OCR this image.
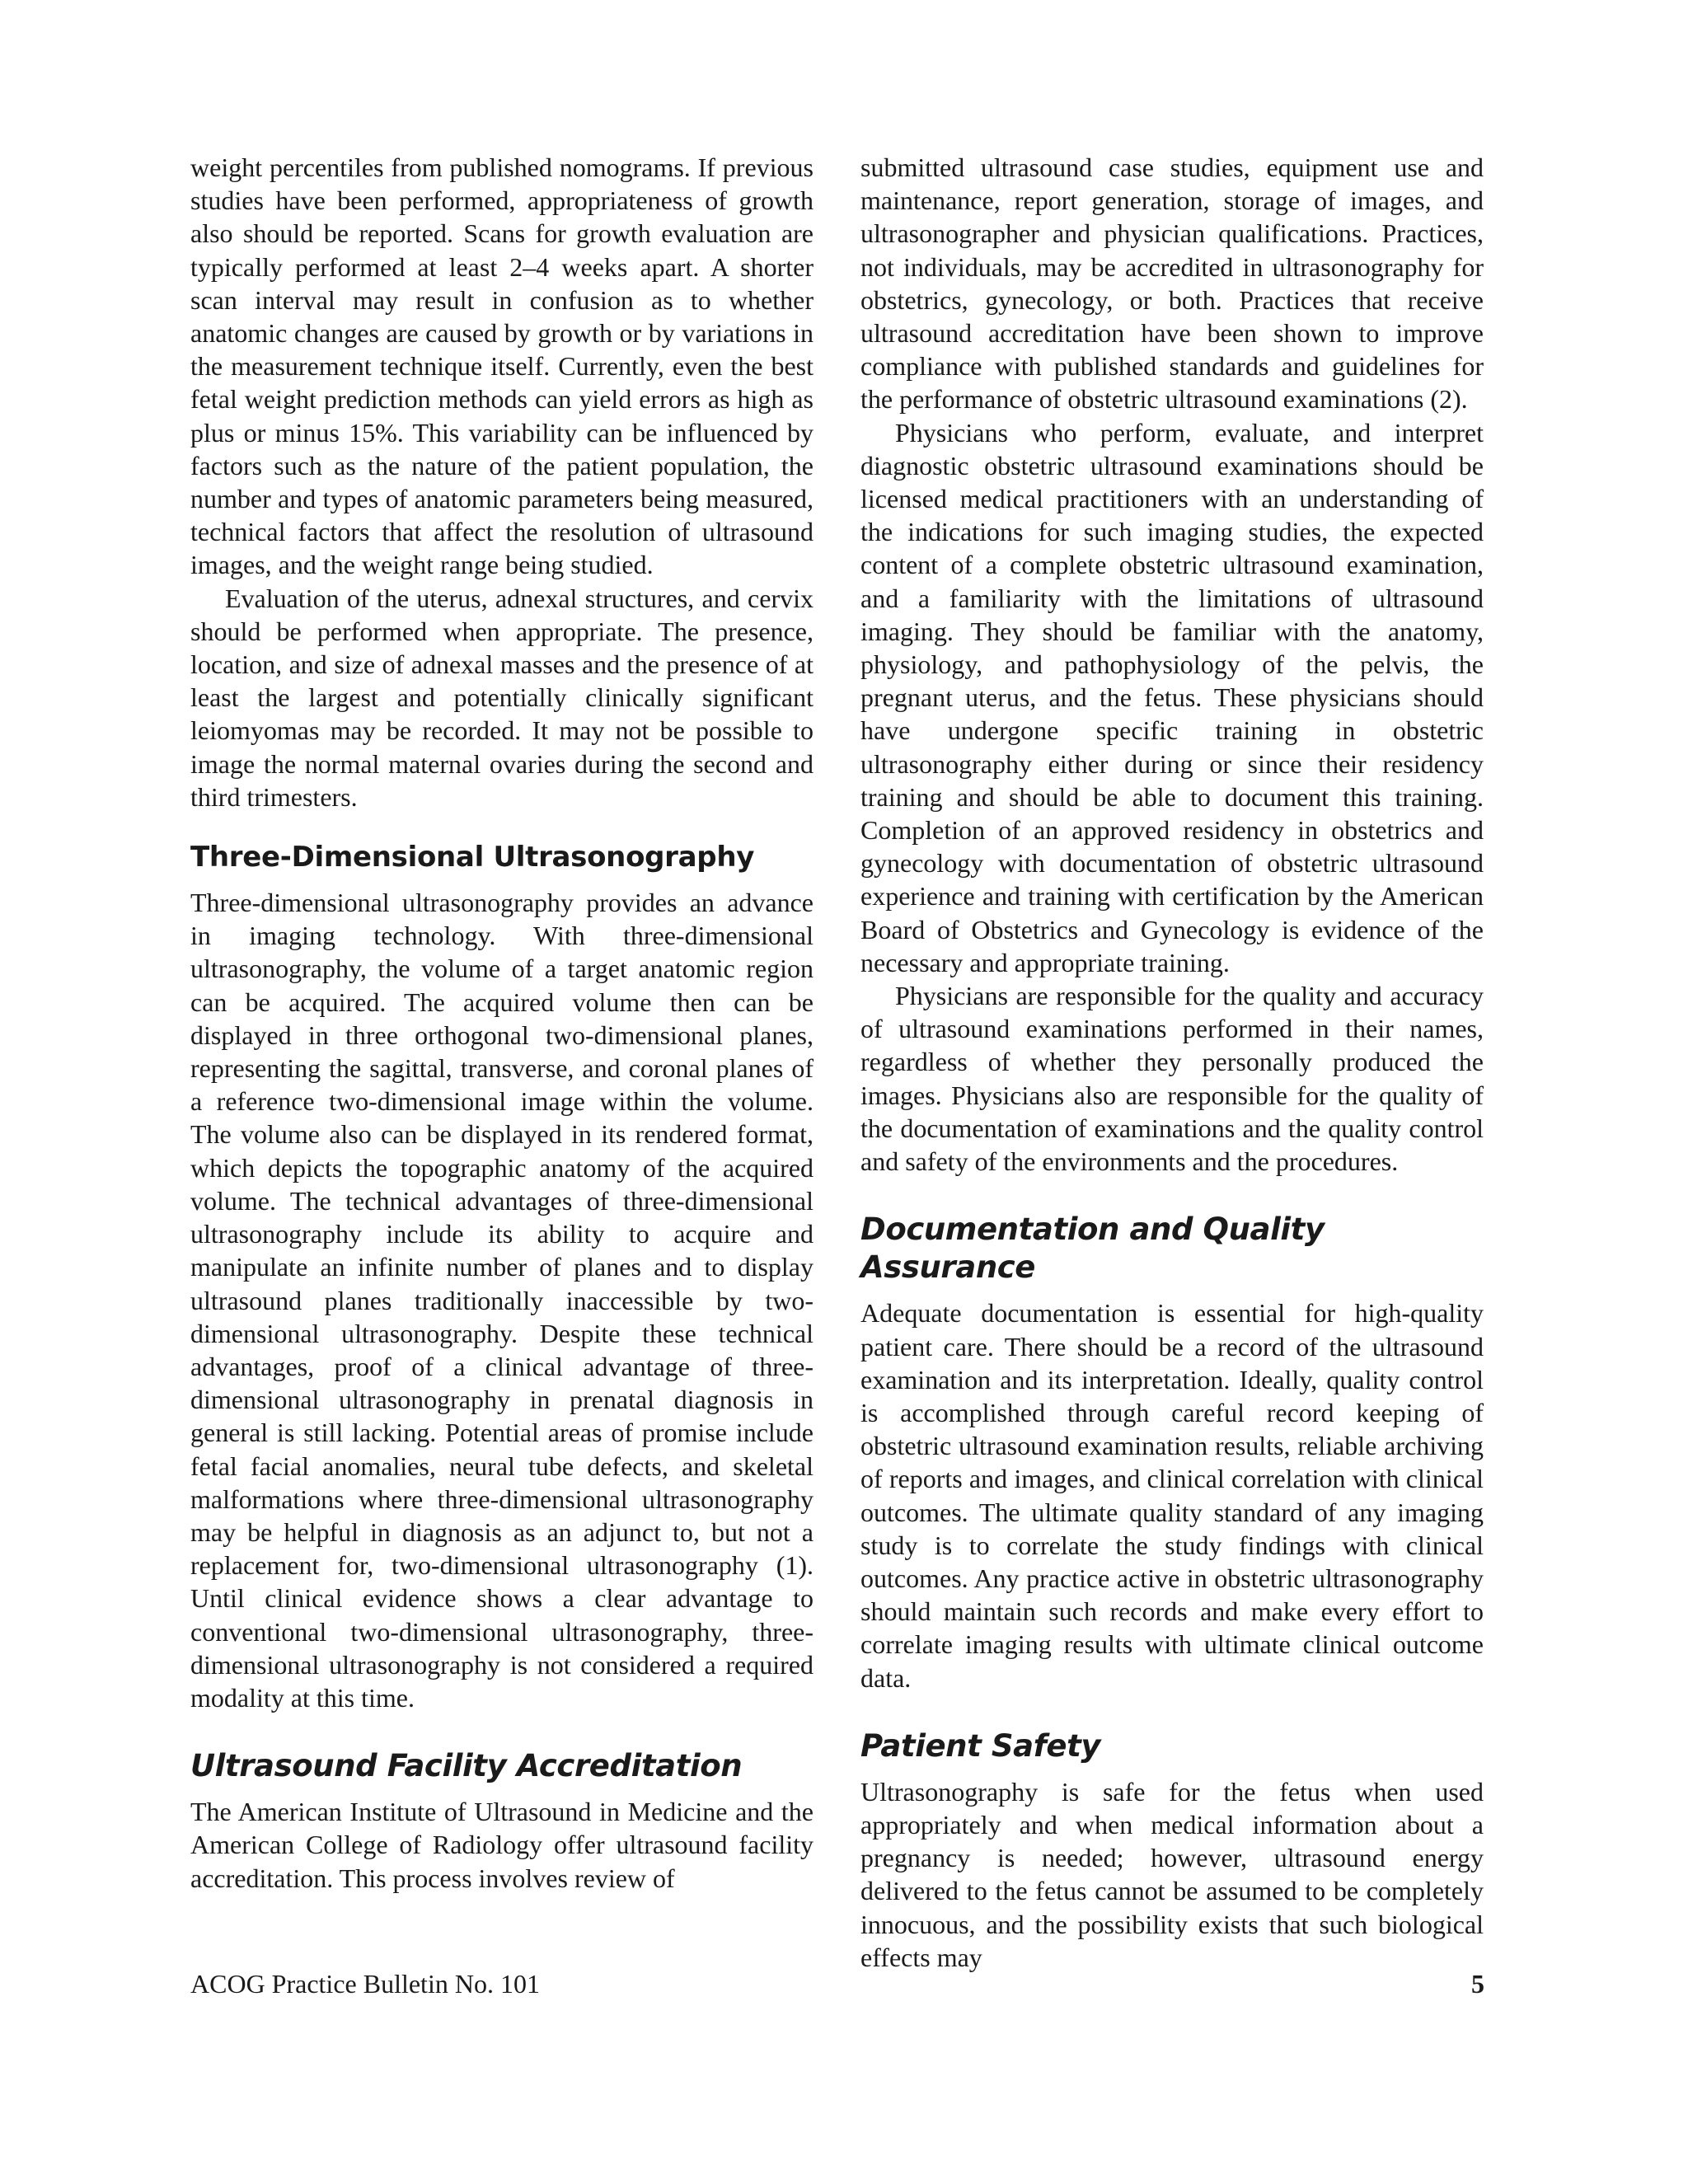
weight percentiles from published nomograms. If previous studies have been performed, appropriateness of growth also should be reported. Scans for growth evaluation are typically performed at least 2–4 weeks apart. A shorter scan interval may result in confusion as to whether anatomic changes are caused by growth or by variations in the measurement technique itself. Currently, even the best fetal weight prediction methods can yield errors as high as plus or minus 15%. This variability can be influenced by factors such as the nature of the patient population, the number and types of anatomic parameters being measured, technical factors that affect the resolution of ultrasound images, and the weight range being studied.

Evaluation of the uterus, adnexal structures, and cervix should be performed when appropriate. The presence, location, and size of adnexal masses and the presence of at least the largest and potentially clinically significant leiomyomas may be recorded. It may not be possible to image the normal maternal ovaries during the second and third trimesters.

Three-Dimensional Ultrasonography

Three-dimensional ultrasonography provides an advance in imaging technology. With three-dimensional ultrasonography, the volume of a target anatomic region can be acquired. The acquired volume then can be displayed in three orthogonal two-dimensional planes, representing the sagittal, transverse, and coronal planes of a reference two-dimensional image within the volume. The volume also can be displayed in its rendered format, which depicts the topographic anatomy of the acquired volume. The technical advantages of three-dimensional ultrasonography include its ability to acquire and manipulate an infinite number of planes and to display ultrasound planes traditionally inaccessible by two-dimensional ultrasonography. Despite these technical advantages, proof of a clinical advantage of three-dimensional ultrasonography in prenatal diagnosis in general is still lacking. Potential areas of promise include fetal facial anomalies, neural tube defects, and skeletal malformations where three-dimensional ultrasonography may be helpful in diagnosis as an adjunct to, but not a replacement for, two-dimensional ultrasonography (1). Until clinical evidence shows a clear advantage to conventional two-dimensional ultrasonography, three-dimensional ultrasonography is not considered a required modality at this time.

Ultrasound Facility Accreditation

The American Institute of Ultrasound in Medicine and the American College of Radiology offer ultrasound facility accreditation. This process involves review of

submitted ultrasound case studies, equipment use and maintenance, report generation, storage of images, and ultrasonographer and physician qualifications. Practices, not individuals, may be accredited in ultrasonography for obstetrics, gynecology, or both. Practices that receive ultrasound accreditation have been shown to improve compliance with published standards and guidelines for the performance of obstetric ultrasound examinations (2).

Physicians who perform, evaluate, and interpret diagnostic obstetric ultrasound examinations should be licensed medical practitioners with an understanding of the indications for such imaging studies, the expected content of a complete obstetric ultrasound examination, and a familiarity with the limitations of ultrasound imaging. They should be familiar with the anatomy, physiology, and pathophysiology of the pelvis, the pregnant uterus, and the fetus. These physicians should have undergone specific training in obstetric ultrasonography either during or since their residency training and should be able to document this training. Completion of an approved residency in obstetrics and gynecology with documentation of obstetric ultrasound experience and training with certification by the American Board of Obstetrics and Gynecology is evidence of the necessary and appropriate training.

Physicians are responsible for the quality and accuracy of ultrasound examinations performed in their names, regardless of whether they personally produced the images. Physicians also are responsible for the quality of the documentation of examinations and the quality control and safety of the environments and the procedures.

Documentation and Quality Assurance

Adequate documentation is essential for high-quality patient care. There should be a record of the ultrasound examination and its interpretation. Ideally, quality control is accomplished through careful record keeping of obstetric ultrasound examination results, reliable archiving of reports and images, and clinical correlation with clinical outcomes. The ultimate quality standard of any imaging study is to correlate the study findings with clinical outcomes. Any practice active in obstetric ultrasonography should maintain such records and make every effort to correlate imaging results with ultimate clinical outcome data.

Patient Safety

Ultrasonography is safe for the fetus when used appropriately and when medical information about a pregnancy is needed; however, ultrasound energy delivered to the fetus cannot be assumed to be completely innocuous, and the possibility exists that such biological effects may

ACOG Practice Bulletin No. 101	5
